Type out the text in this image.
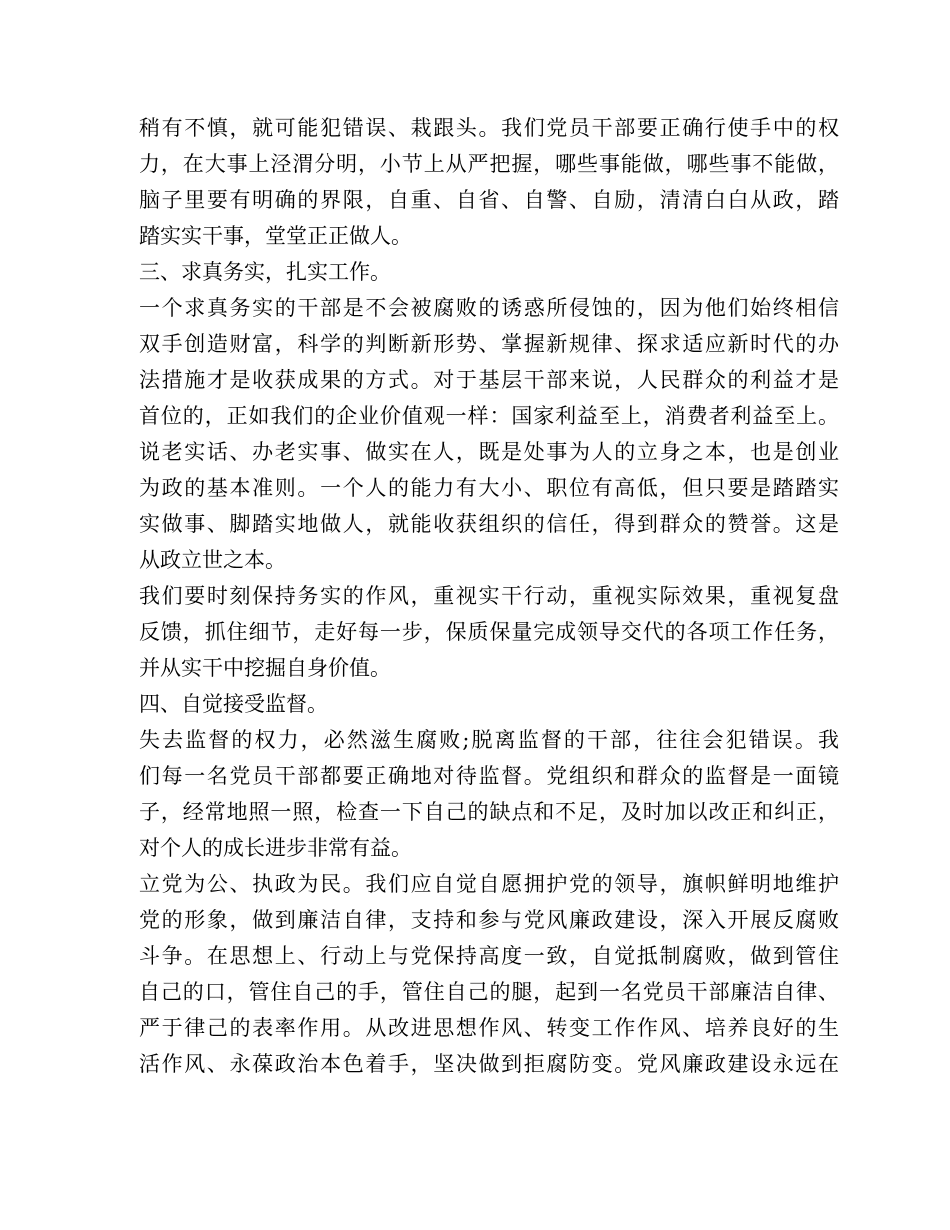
稍有不慎，就可能犯错误、栽跟头。我们党员干部要正确行使手中的权
力，在大事上泾渭分明，小节上从严把握，哪些事能做，哪些事不能做，
脑子里要有明确的界限，自重、自省、自警、自励，清清白白从政，踏
踏实实干事，堂堂正正做人。
三、求真务实，扎实工作。
一个求真务实的干部是不会被腐败的诱惑所侵蚀的，因为他们始终相信
双手创造财富，科学的判断新形势、掌握新规律、探求适应新时代的办
法措施才是收获成果的方式。对于基层干部来说，人民群众的利益才是
首位的，正如我们的企业价值观一样：国家利益至上，消费者利益至上。
说老实话、办老实事、做实在人，既是处事为人的立身之本，也是创业
为政的基本准则。一个人的能力有大小、职位有高低，但只要是踏踏实
实做事、脚踏实地做人，就能收获组织的信任，得到群众的赞誉。这是
从政立世之本。
我们要时刻保持务实的作风，重视实干行动，重视实际效果，重视复盘
反馈，抓住细节，走好每一步，保质保量完成领导交代的各项工作任务，
并从实干中挖掘自身价值。
四、自觉接受监督。
失去监督的权力，必然滋生腐败;脱离监督的干部，往往会犯错误。我
们每一名党员干部都要正确地对待监督。党组织和群众的监督是一面镜
子，经常地照一照，检查一下自己的缺点和不足，及时加以改正和纠正，
对个人的成长进步非常有益。
立党为公、执政为民。我们应自觉自愿拥护党的领导，旗帜鲜明地维护
党的形象，做到廉洁自律，支持和参与党风廉政建设，深入开展反腐败
斗争。在思想上、行动上与党保持高度一致，自觉抵制腐败，做到管住
自己的口，管住自己的手，管住自己的腿，起到一名党员干部廉洁自律、
严于律己的表率作用。从改进思想作风、转变工作作风、培养良好的生
活作风、永葆政治本色着手，坚决做到拒腐防变。党风廉政建设永远在
